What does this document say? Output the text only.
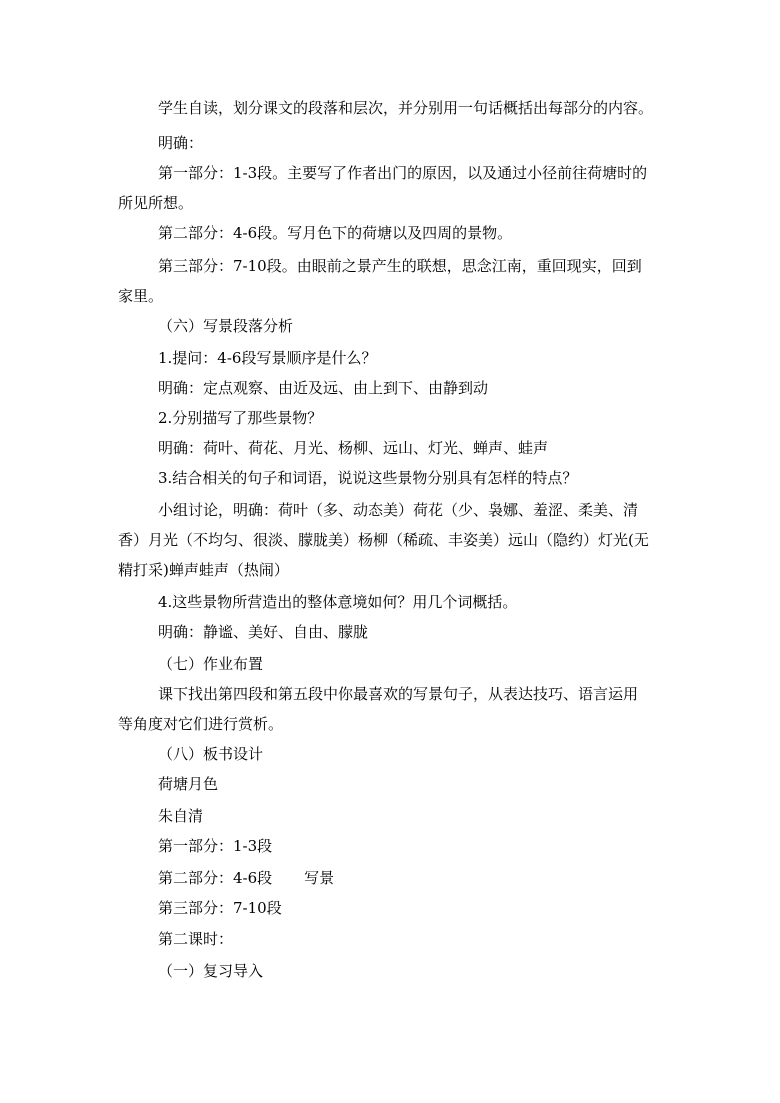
学生自读，划分课文的段落和层次，并分别用一句话概括出每部分的内容。
明确：
第一部分：1-3段。主要写了作者出门的原因，以及通过小径前往荷塘时的
所见所想。
第二部分：4-6段。写月色下的荷塘以及四周的景物。
第三部分：7-10段。由眼前之景产生的联想，思念江南，重回现实，回到
家里。
（六）写景段落分析
1.提问：4-6段写景顺序是什么？
明确：定点观察、由近及远、由上到下、由静到动
2.分别描写了那些景物？
明确：荷叶、荷花、月光、杨柳、远山、灯光、蝉声、蛙声
3.结合相关的句子和词语，说说这些景物分别具有怎样的特点？
小组讨论，明确：荷叶（多、动态美）荷花（少、袅娜、羞涩、柔美、清
香）月光（不均匀、很淡、朦胧美）杨柳（稀疏、丰姿美）远山（隐约）灯光(无
精打采)蝉声蛙声（热闹）
4.这些景物所营造出的整体意境如何？用几个词概括。
明确：静谧、美好、自由、朦胧
（七）作业布置
课下找出第四段和第五段中你最喜欢的写景句子，从表达技巧、语言运用
等角度对它们进行赏析。
（八）板书设计
荷塘月色
朱自清
第一部分：1-3段
第二部分：4-6段 写景
第三部分：7-10段
第二课时：
（一）复习导入
